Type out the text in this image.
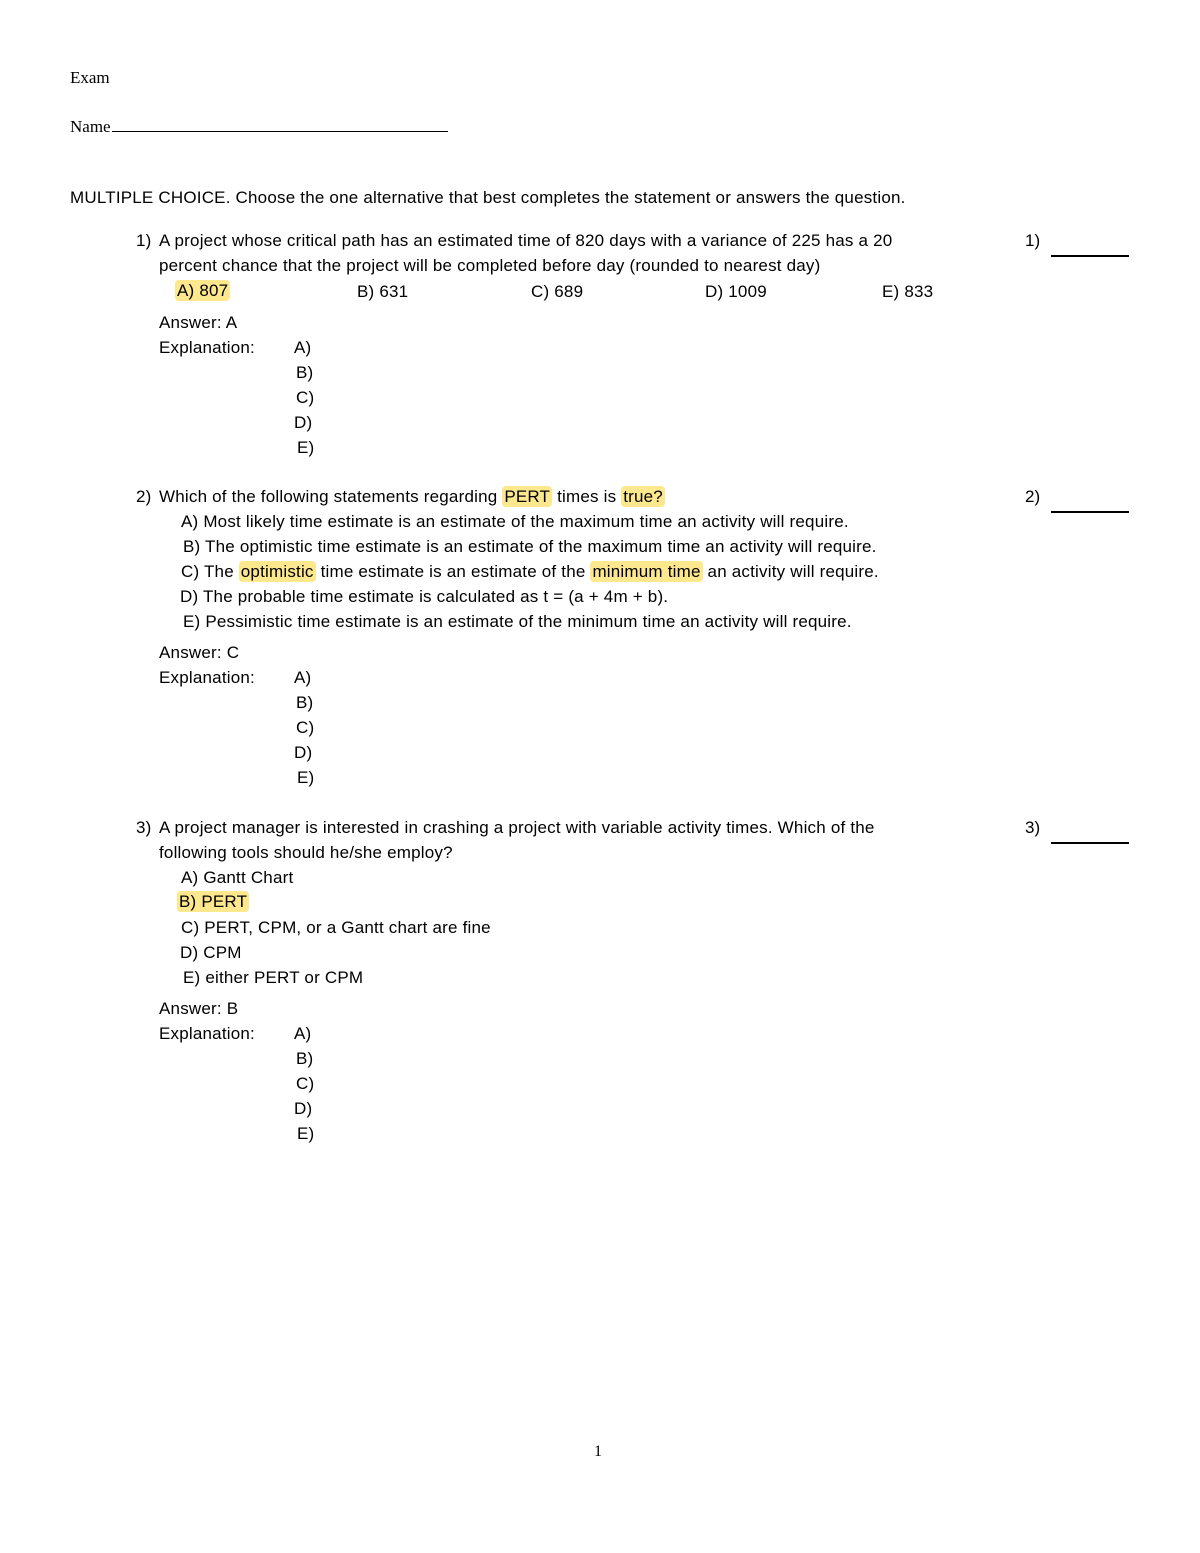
Exam
Name
MULTIPLE CHOICE. Choose the one alternative that best completes the statement or answers the question.
1) A project whose critical path has an estimated time of 820 days with a variance of 225 has a 20
percent chance that the project will be completed before day (rounded to nearest day)
1)
A) 807	B) 631	C) 689	D) 1009	E) 833
Answer: A
Explanation: A)
B)
C)
D)
E)
2) Which of the following statements regarding PERT times is true?	2)
A) Most likely time estimate is an estimate of the maximum time an activity will require.
B) The optimistic time estimate is an estimate of the maximum time an activity will require.
C) The optimistic time estimate is an estimate of the minimum time an activity will require.
D) The probable time estimate is calculated as t = (a + 4m + b).
E) Pessimistic time estimate is an estimate of the minimum time an activity will require.
Answer: C
Explanation: A)
B)
C)
D)
E)
3) A project manager is interested in crashing a project with variable activity times. Which of the
following tools should he/she employ?
3)
A) Gantt Chart
B) PERT
C) PERT, CPM, or a Gantt chart are fine
D) CPM
E) either PERT or CPM
Answer: B
Explanation: A)
B)
C)
D)
E)
1
